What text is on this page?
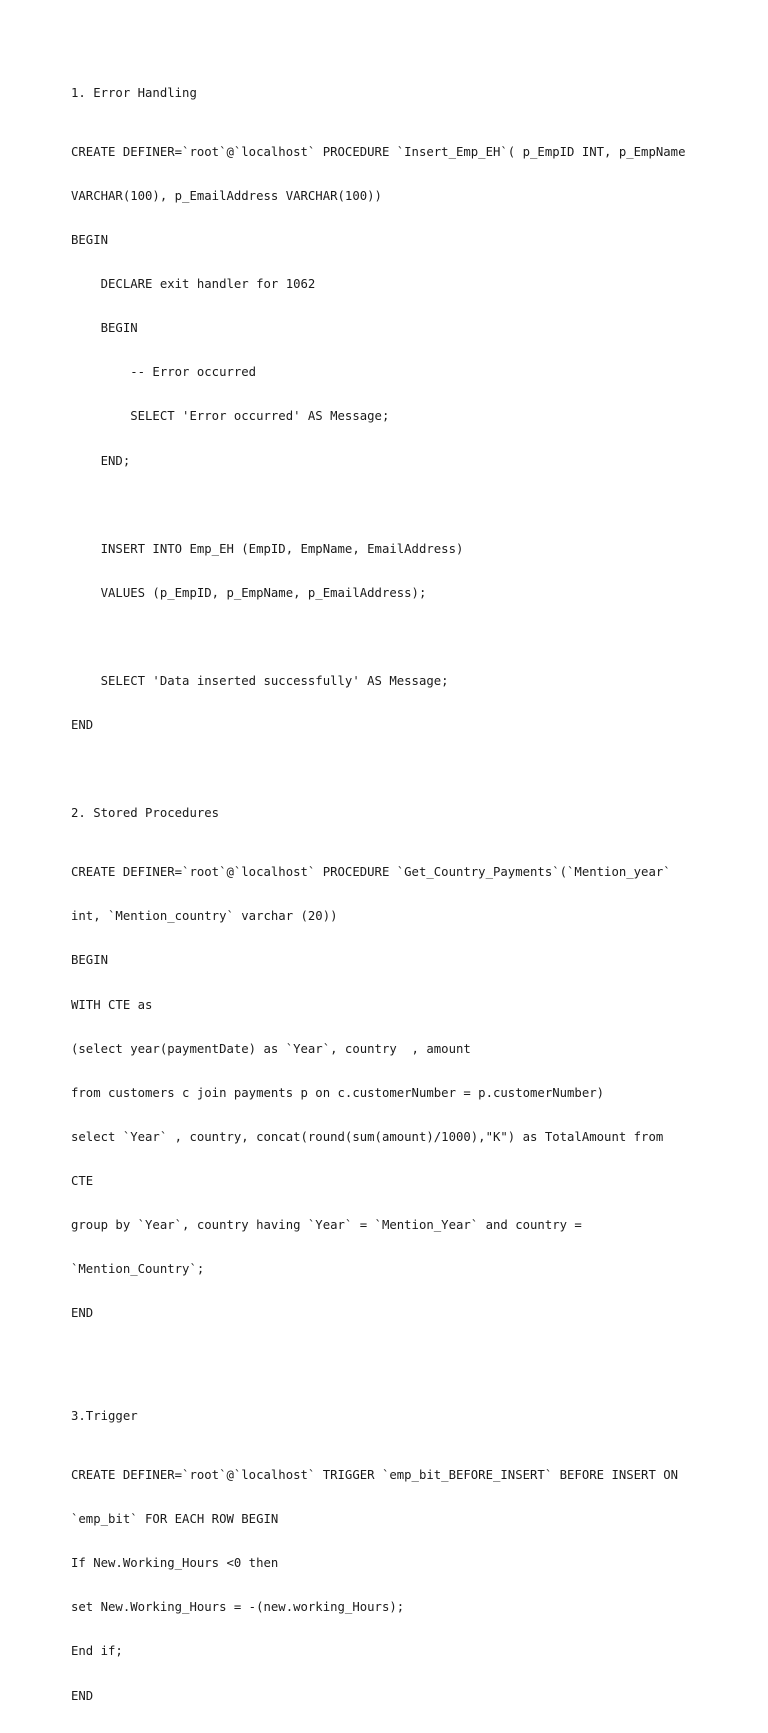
1. Error Handling

CREATE DEFINER=`root`@`localhost` PROCEDURE `Insert_Emp_EH`( p_EmpID INT, p_EmpName

VARCHAR(100), p_EmailAddress VARCHAR(100))

BEGIN

DECLARE exit handler for 1062

BEGIN

-- Error occurred

SELECT 'Error occurred' AS Message;

END;

INSERT INTO Emp_EH (EmpID, EmpName, EmailAddress)

VALUES (p_EmpID, p_EmpName, p_EmailAddress);

SELECT 'Data inserted successfully' AS Message;

END

2. Stored Procedures

CREATE DEFINER=`root`@`localhost` PROCEDURE `Get_Country_Payments`(`Mention_year`

int, `Mention_country` varchar (20))

BEGIN

WITH CTE as

(select year(paymentDate) as `Year`, country  , amount

from customers c join payments p on c.customerNumber = p.customerNumber)

select `Year` , country, concat(round(sum(amount)/1000),"K") as TotalAmount from

CTE

group by `Year`, country having `Year` = `Mention_Year` and country =

`Mention_Country`;

END

3.Trigger

CREATE DEFINER=`root`@`localhost` TRIGGER `emp_bit_BEFORE_INSERT` BEFORE INSERT ON

`emp_bit` FOR EACH ROW BEGIN

If New.Working_Hours <0 then

set New.Working_Hours = -(new.working_Hours);

End if;

END
